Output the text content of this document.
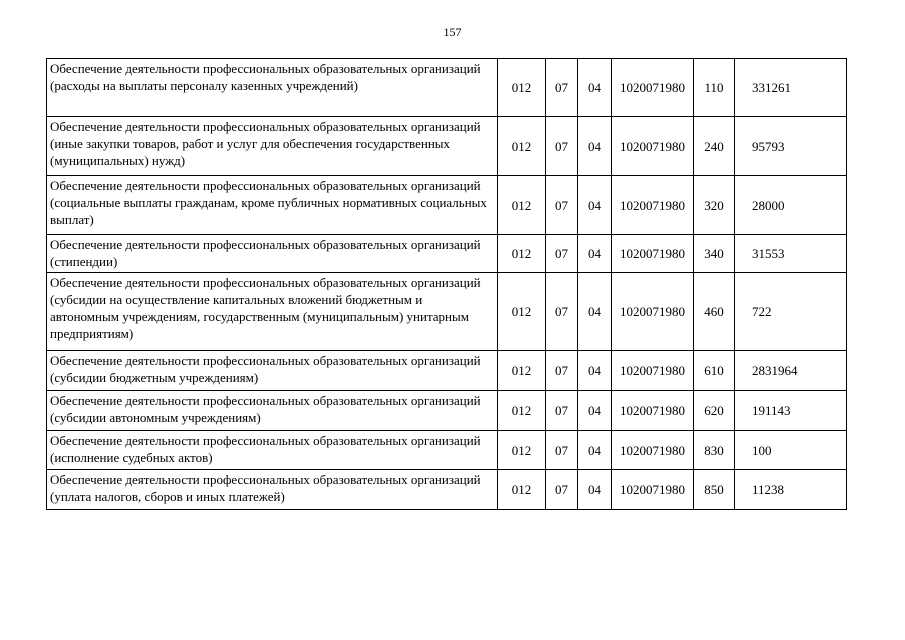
157
Обеспечение деятельности профессиональных образовательных организаций (расходы на выплаты персоналу казенных учреждений)	012	07	04	1020071980	110	331261
Обеспечение деятельности профессиональных образовательных организаций (иные закупки товаров, работ и услуг для обеспечения государственных (муниципальных) нужд)	012	07	04	1020071980	240	95793
Обеспечение деятельности профессиональных образовательных организаций (социальные выплаты гражданам, кроме публичных нормативных социальных выплат)	012	07	04	1020071980	320	28000
Обеспечение деятельности профессиональных образовательных организаций (стипендии)	012	07	04	1020071980	340	31553
Обеспечение деятельности профессиональных образовательных организаций (субсидии на осуществление капитальных вложений бюджетным и автономным учреждениям, государственным (муниципальным) унитарным предприятиям)	012	07	04	1020071980	460	722
Обеспечение деятельности профессиональных образовательных организаций (субсидии бюджетным учреждениям)	012	07	04	1020071980	610	2831964
Обеспечение деятельности профессиональных образовательных организаций (субсидии автономным учреждениям)	012	07	04	1020071980	620	191143
Обеспечение деятельности профессиональных образовательных организаций (исполнение судебных актов)	012	07	04	1020071980	830	100
Обеспечение деятельности профессиональных образовательных организаций (уплата налогов, сборов и иных платежей)	012	07	04	1020071980	850	11238
